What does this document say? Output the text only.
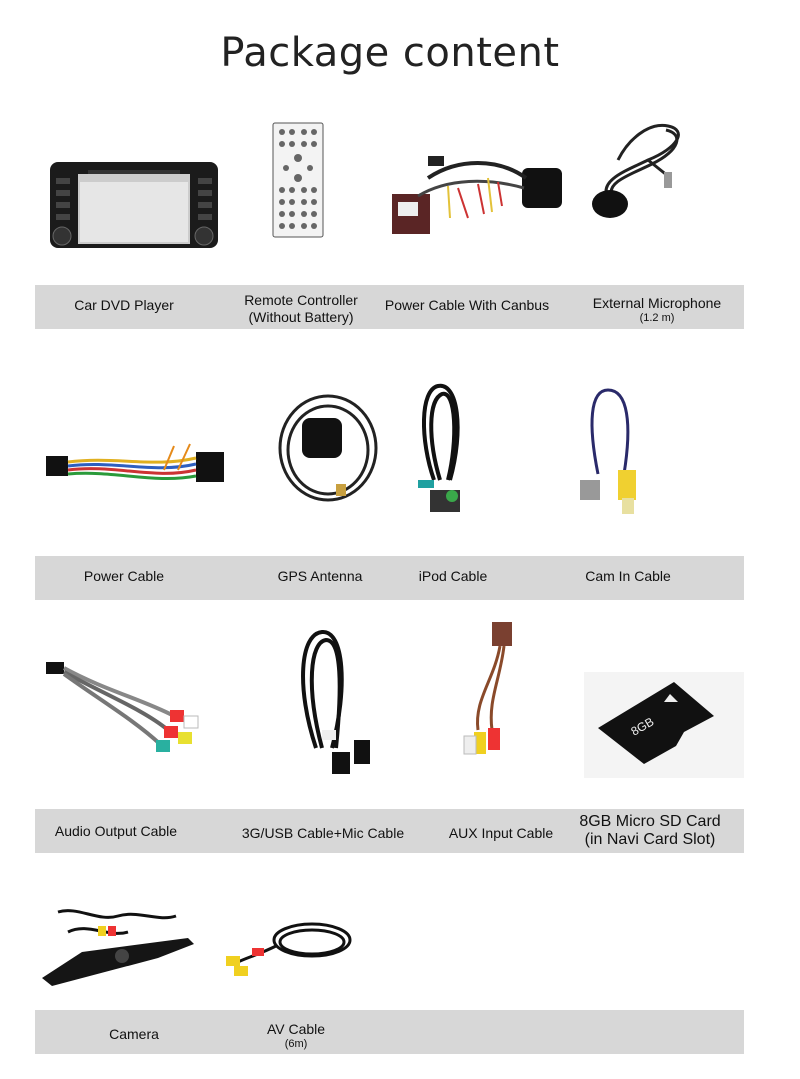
Package content
Car DVD Player	Remote Controller
(Without Battery)
Power Cable With Canbus	External Microphone
(1.2 m)
Power Cable	GPS Antenna	iPod Cable	Cam In Cable
8GB
Audio Output Cable	3G/USB Cable+Mic Cable	AUX Input Cable
8GB Micro SD Card
(in Navi Card Slot)
Camera	AV Cable
(6m)
